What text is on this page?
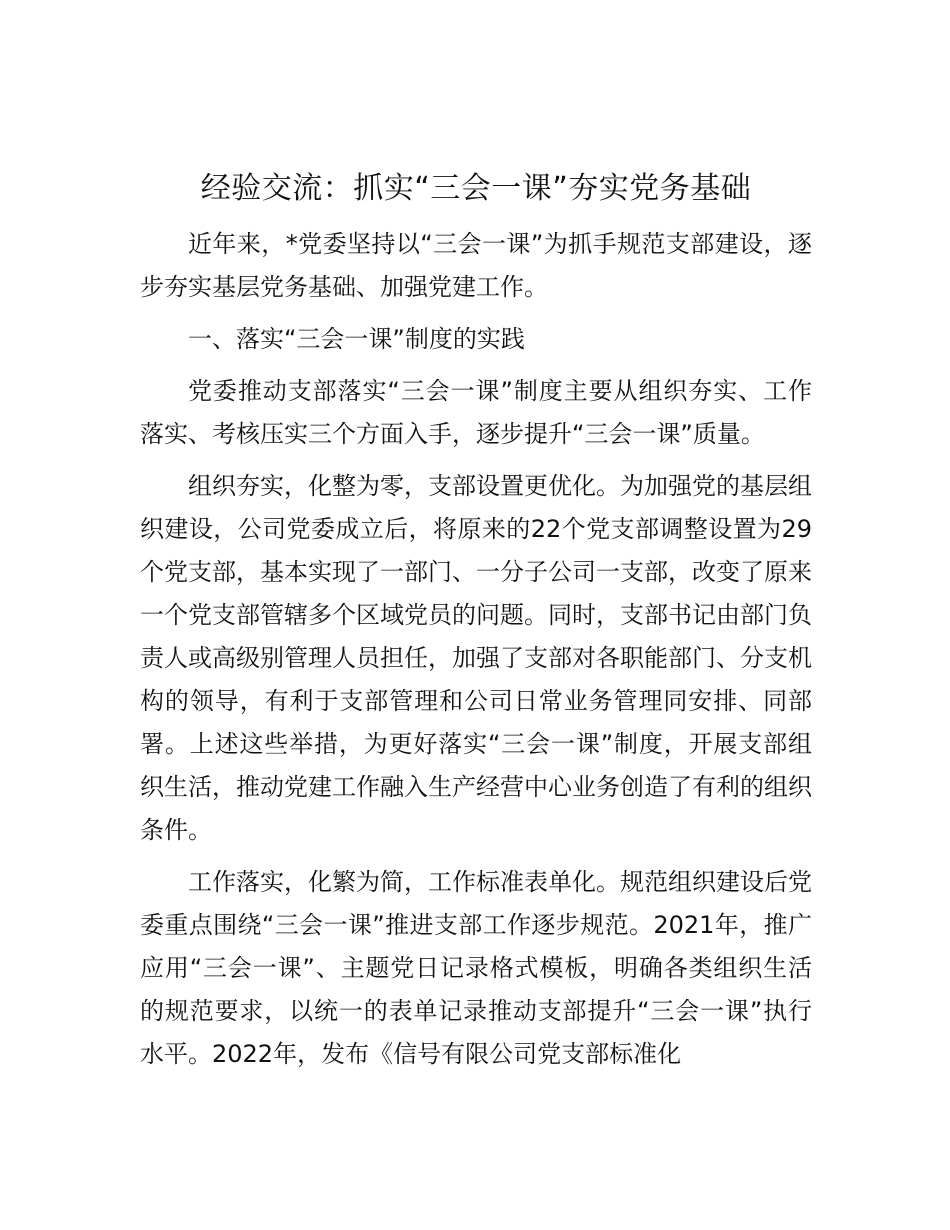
经验交流：抓实“三会一课”夯实党务基础

近年来，*党委坚持以“三会一课”为抓手规范支部建设，逐步夯实基层党务基础、加强党建工作。

一、落实“三会一课”制度的实践

党委推动支部落实“三会一课”制度主要从组织夯实、工作落实、考核压实三个方面入手，逐步提升“三会一课”质量。

组织夯实，化整为零，支部设置更优化。为加强党的基层组织建设，公司党委成立后，将原来的22个党支部调整设置为29个党支部，基本实现了一部门、一分子公司一支部，改变了原来一个党支部管辖多个区域党员的问题。同时，支部书记由部门负责人或高级别管理人员担任，加强了支部对各职能部门、分支机构的领导，有利于支部管理和公司日常业务管理同安排、同部署。上述这些举措，为更好落实“三会一课”制度，开展支部组织生活，推动党建工作融入生产经营中心业务创造了有利的组织条件。

工作落实，化繁为简，工作标准表单化。规范组织建设后党委重点围绕“三会一课”推进支部工作逐步规范。2021年，推广应用“三会一课”、主题党日记录格式模板，明确各类组织生活的规范要求，以统一的表单记录推动支部提升“三会一课”执行水平。2022年，发布《信号有限公司党支部标准化
